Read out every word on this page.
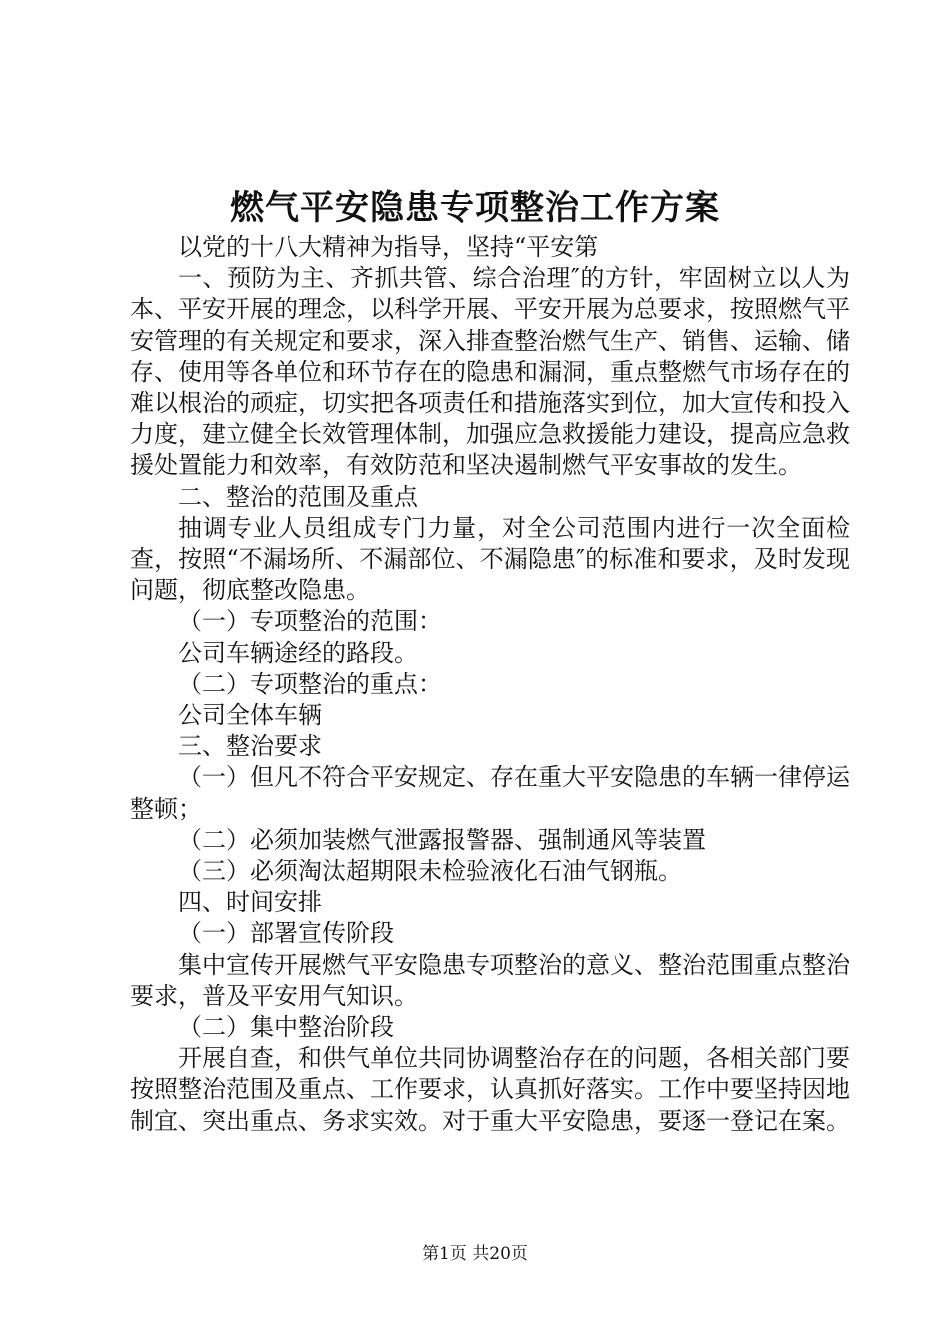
燃气平安隐患专项整治工作方案

以党的十八大精神为指导，坚持“平安第

一、预防为主、齐抓共管、综合治理″的方针，牢固树立以人为本、平安开展的理念，以科学开展、平安开展为总要求，按照燃气平安管理的有关规定和要求，深入排查整治燃气生产、销售、运输、储存、使用等各单位和环节存在的隐患和漏洞，重点整燃气市场存在的难以根治的顽症，切实把各项责任和措施落实到位，加大宣传和投入力度，建立健全长效管理体制，加强应急救援能力建设，提高应急救援处置能力和效率，有效防范和坚决遏制燃气平安事故的发生。

二、整治的范围及重点

抽调专业人员组成专门力量，对全公司范围内进行一次全面检查，按照“不漏场所、不漏部位、不漏隐患″的标准和要求，及时发现问题，彻底整改隐患。

（一）专项整治的范围：

公司车辆途经的路段。

（二）专项整治的重点：

公司全体车辆

三、整治要求

（一）但凡不符合平安规定、存在重大平安隐患的车辆一律停运整顿；

（二）必须加装燃气泄露报警器、强制通风等装置

（三）必须淘汰超期限未检验液化石油气钢瓶。

四、时间安排

（一）部署宣传阶段

集中宣传开展燃气平安隐患专项整治的意义、整治范围重点整治要求，普及平安用气知识。

（二）集中整治阶段

开展自查，和供气单位共同协调整治存在的问题，各相关部门要按照整治范围及重点、工作要求，认真抓好落实。工作中要坚持因地制宜、突出重点、务求实效。对于重大平安隐患，要逐一登记在案。

第1页 共20页
